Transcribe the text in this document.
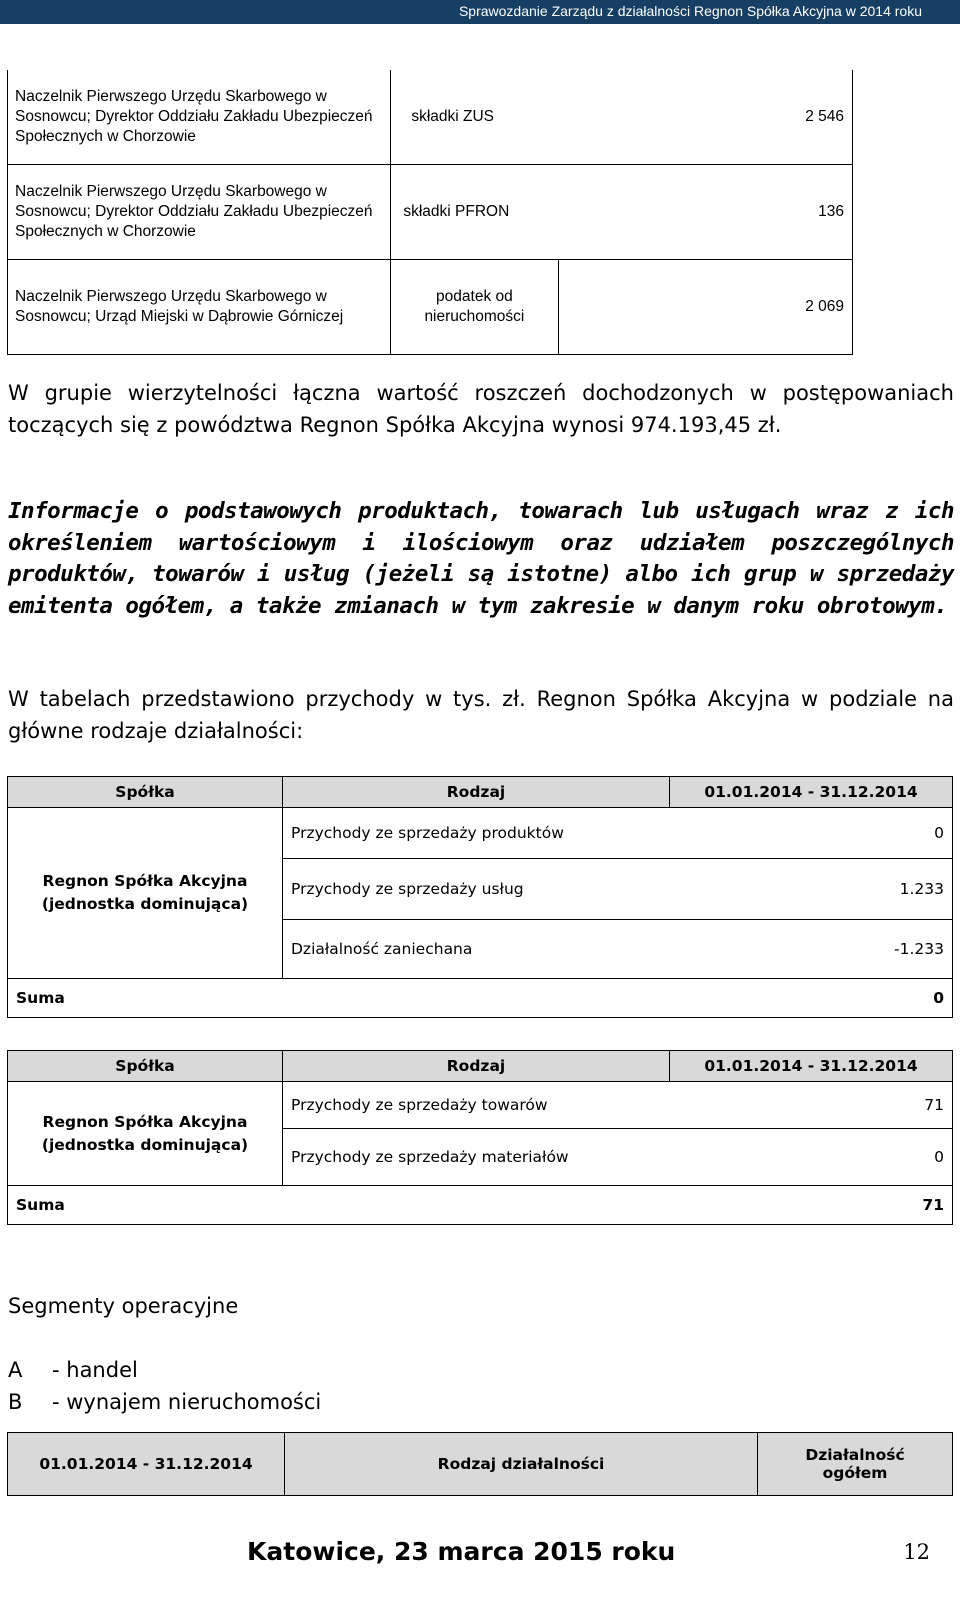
Sprawozdanie Zarządu z działalności Regnon Spółka Akcyjna w 2014 roku
Naczelnik Pierwszego Urzędu Skarbowego w Sosnowcu; Dyrektor Oddziału Zakładu Ubezpieczeń Społecznych w Chorzowie	składki ZUS	2 546
Naczelnik Pierwszego Urzędu Skarbowego w Sosnowcu; Dyrektor Oddziału Zakładu Ubezpieczeń Społecznych w Chorzowie	składki PFRON	136
Naczelnik Pierwszego Urzędu Skarbowego w Sosnowcu; Urząd Miejski w Dąbrowie Górniczej	podatek od nieruchomości	2 069

W grupie wierzytelności łączna wartość roszczeń dochodzonych w postępowaniach toczących się z powództwa Regnon Spółka Akcyjna wynosi 974.193,45 zł.

Informacje o podstawowych produktach, towarach lub usługach wraz z ich określeniem wartościowym i ilościowym oraz udziałem poszczególnych produktów, towarów i usług (jeżeli są istotne) albo ich grup w sprzedaży emitenta ogółem, a także zmianach w tym zakresie w danym roku obrotowym.

W tabelach przedstawiono przychody w tys. zł. Regnon Spółka Akcyjna w podziale na główne rodzaje działalności:

Spółka	Rodzaj	01.01.2014 - 31.12.2014
Regnon Spółka Akcyjna (jednostka dominująca)	Przychody ze sprzedaży produktów	0
	Przychody ze sprzedaży usług	1.233
	Działalność zaniechana	-1.233
Suma		0
Spółka	Rodzaj	01.01.2014 - 31.12.2014
Regnon Spółka Akcyjna (jednostka dominująca)	Przychody ze sprzedaży towarów	71
	Przychody ze sprzedaży materiałów	0
Suma		71

Segmenty operacyjne

A - handel

B - wynajem nieruchomości

01.01.2014 - 31.12.2014	Rodzaj działalności	Działalność ogółem
Katowice, 23 marca 2015 roku	12
